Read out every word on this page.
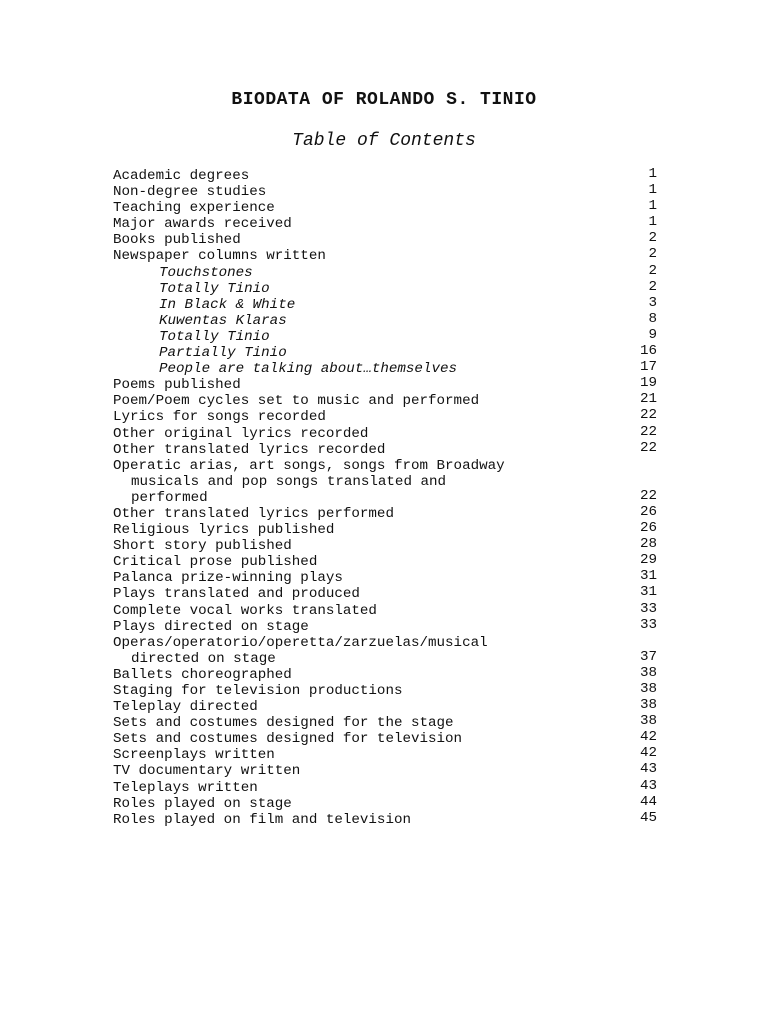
BIODATA OF ROLANDO S. TINIO
Table of Contents
Academic degrees	1
Non-degree studies	1
Teaching experience	1
Major awards received	1
Books published	2
Newspaper columns written	2
Touchstones	2
Totally Tinio	2
In Black & White	3
Kuwentas Klaras	8
Totally Tinio	9
Partially Tinio	16
People are talking about…themselves	17
Poems published	19
Poem/Poem cycles set to music and performed	21
Lyrics for songs recorded	22
Other original lyrics recorded	22
Other translated lyrics recorded	22
Operatic arias, art songs, songs from Broadway
musicals and pop songs translated and
performed	22
Other translated lyrics performed	26
Religious lyrics published	26
Short story published	28
Critical prose published	29
Palanca prize-winning plays	31
Plays translated and produced	31
Complete vocal works translated	33
Plays directed on stage	33
Operas/operatorio/operetta/zarzuelas/musical
directed on stage	37
Ballets choreographed	38
Staging for television productions	38
Teleplay directed	38
Sets and costumes designed for the stage	38
Sets and costumes designed for television	42
Screenplays written	42
TV documentary written	43
Teleplays written	43
Roles played on stage	44
Roles played on film and television	45
